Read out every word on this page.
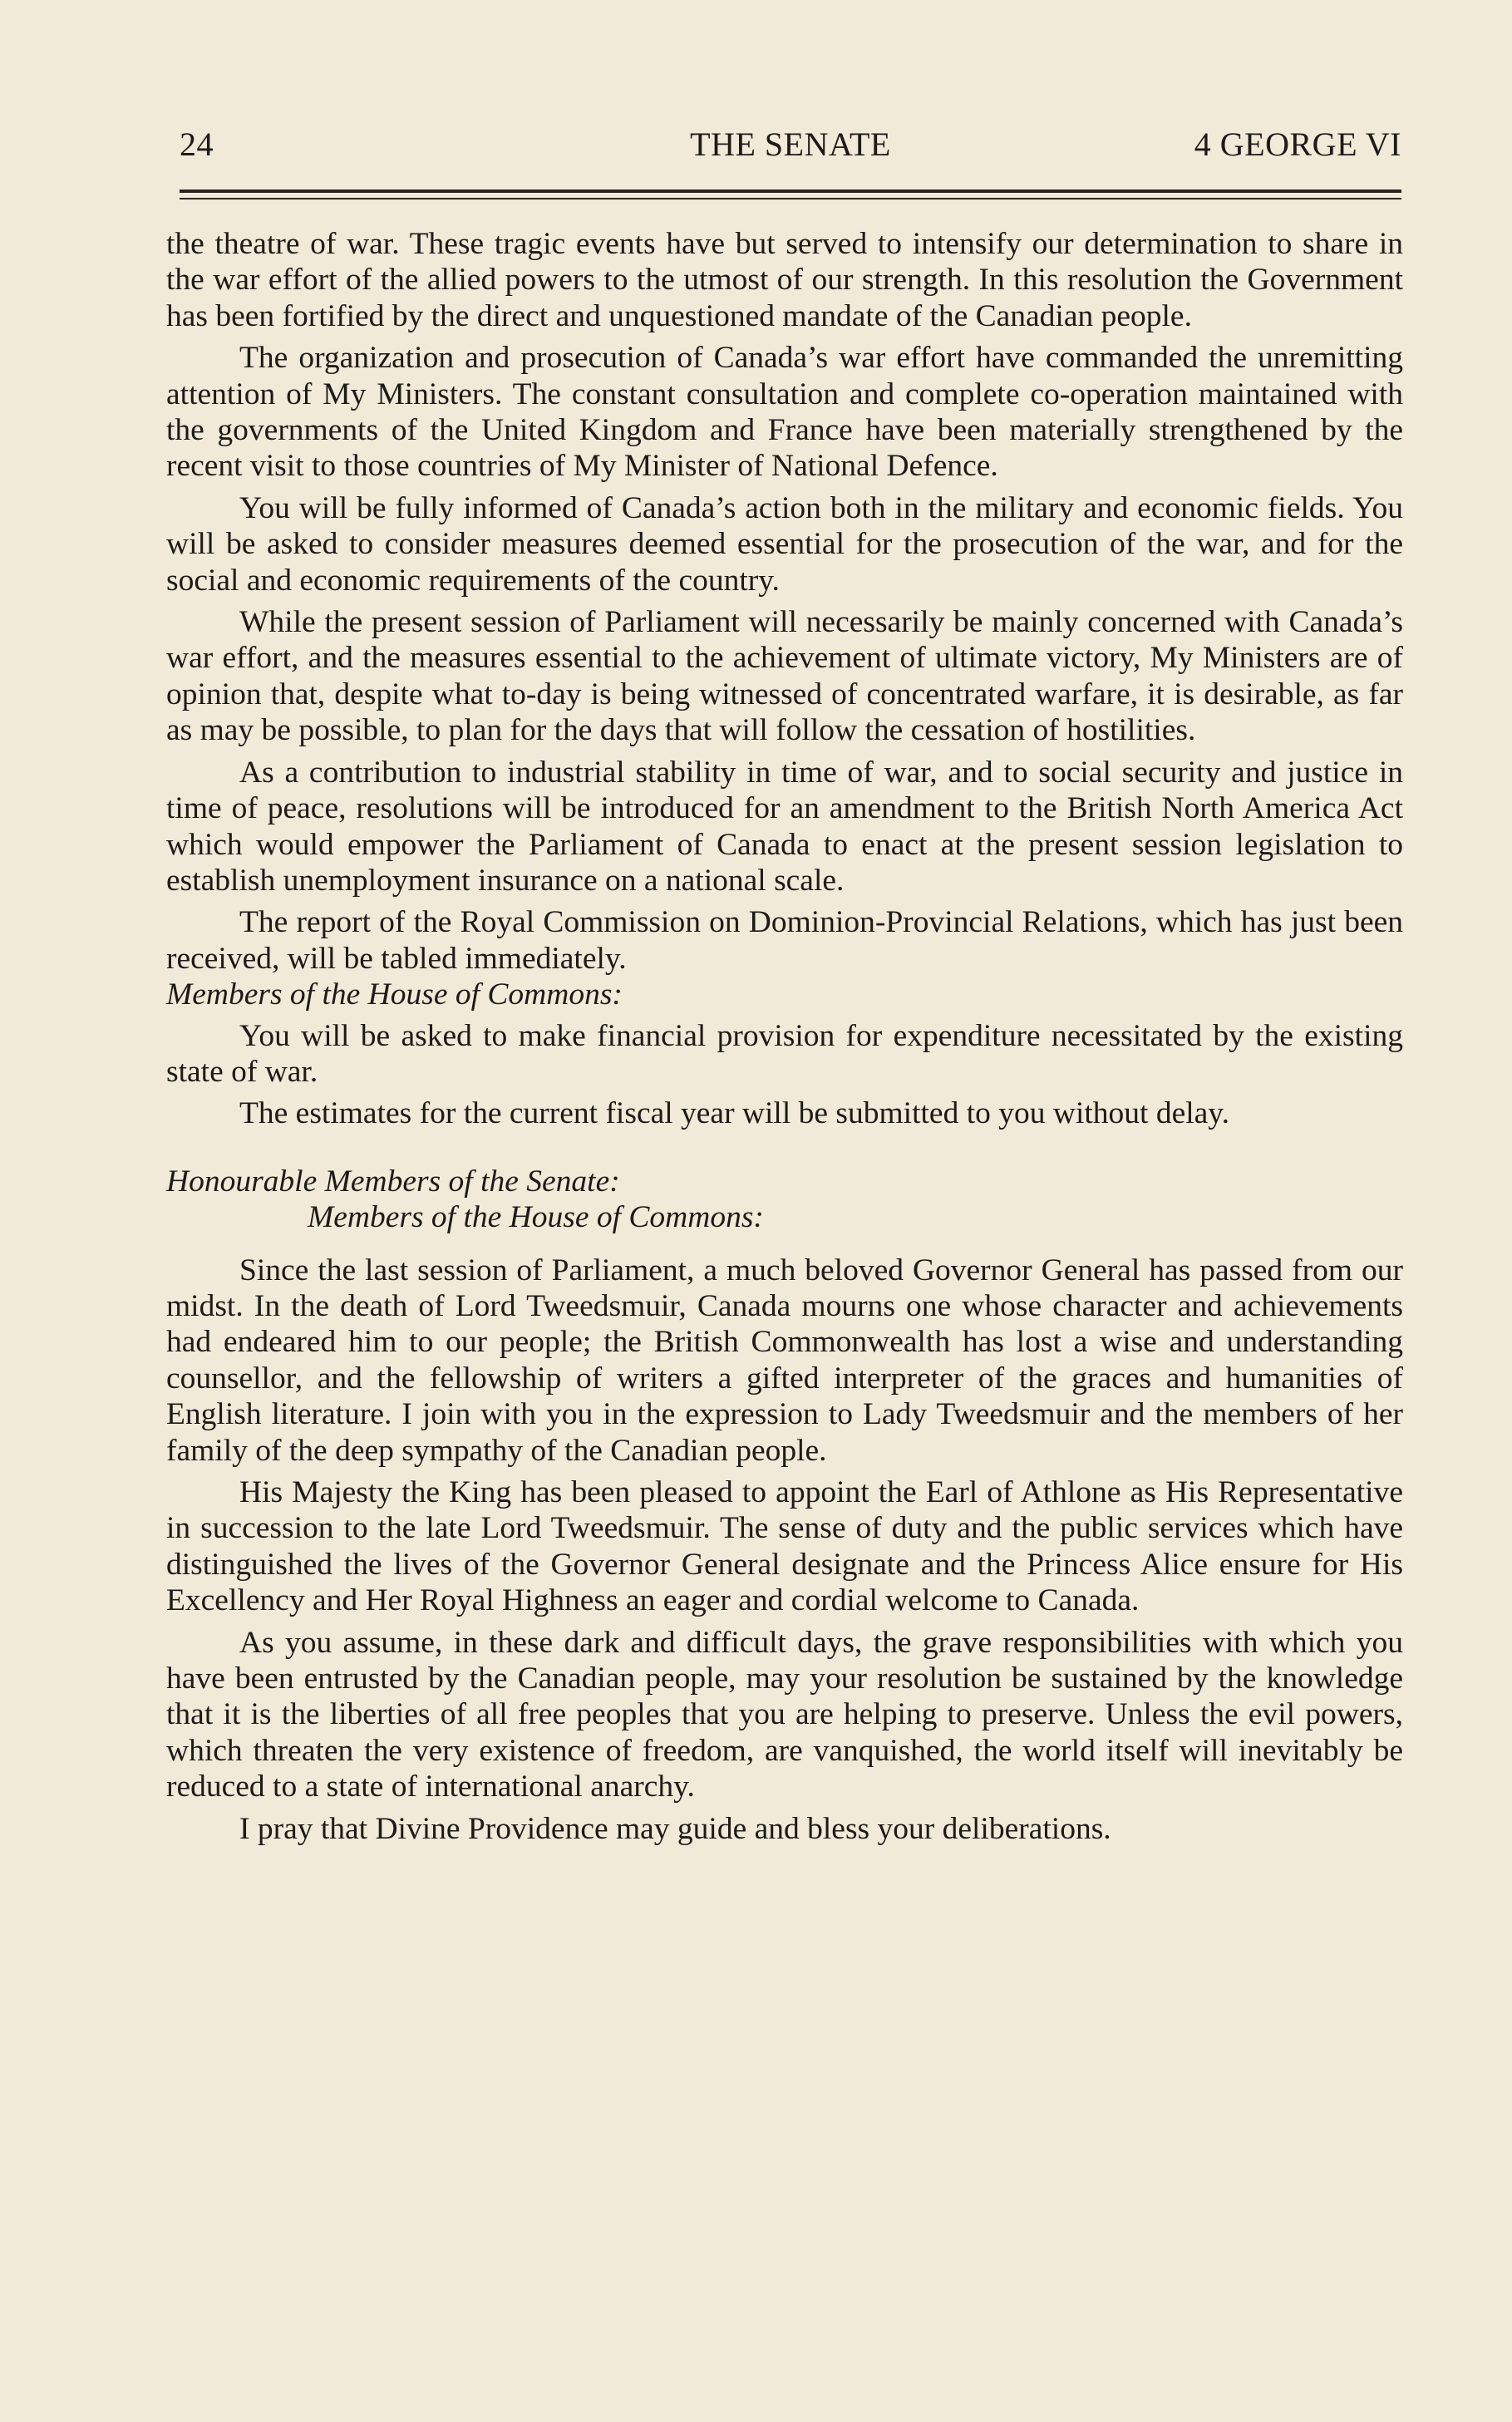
24	THE SENATE	4 GEORGE VI

the theatre of war. These tragic events have but served to intensify our determination to share in the war effort of the allied powers to the utmost of our strength. In this resolution the Government has been fortified by the direct and unquestioned mandate of the Canadian people.

The organization and prosecution of Canada’s war effort have commanded the unremitting attention of My Ministers. The constant consultation and complete co-operation maintained with the governments of the United Kingdom and France have been materially strengthened by the recent visit to those countries of My Minister of National Defence.

You will be fully informed of Canada’s action both in the military and economic fields. You will be asked to consider measures deemed essential for the prosecution of the war, and for the social and economic requirements of the country.

While the present session of Parliament will necessarily be mainly concerned with Canada’s war effort, and the measures essential to the achievement of ultimate victory, My Ministers are of opinion that, despite what to-day is being witnessed of concentrated warfare, it is desirable, as far as may be possible, to plan for the days that will follow the cessation of hostilities.

As a contribution to industrial stability in time of war, and to social security and justice in time of peace, resolutions will be introduced for an amendment to the British North America Act which would empower the Parliament of Canada to enact at the present session legislation to establish unemployment insurance on a national scale.

The report of the Royal Commission on Dominion-Provincial Relations, which has just been received, will be tabled immediately.

Members of the House of Commons:

You will be asked to make financial provision for expenditure necessitated by the existing state of war.

The estimates for the current fiscal year will be submitted to you without delay.

Honourable Members of the Senate:
Members of the House of Commons:

Since the last session of Parliament, a much beloved Governor General has passed from our midst. In the death of Lord Tweedsmuir, Canada mourns one whose character and achievements had endeared him to our people; the British Commonwealth has lost a wise and understanding counsellor, and the fellowship of writers a gifted interpreter of the graces and humanities of English literature. I join with you in the expression to Lady Tweedsmuir and the members of her family of the deep sympathy of the Canadian people.

His Majesty the King has been pleased to appoint the Earl of Athlone as His Representative in succession to the late Lord Tweedsmuir. The sense of duty and the public services which have distinguished the lives of the Governor General designate and the Princess Alice ensure for His Excellency and Her Royal Highness an eager and cordial welcome to Canada.

As you assume, in these dark and difficult days, the grave responsibilities with which you have been entrusted by the Canadian people, may your resolution be sustained by the knowledge that it is the liberties of all free peoples that you are helping to preserve. Unless the evil powers, which threaten the very existence of freedom, are vanquished, the world itself will inevitably be reduced to a state of international anarchy.

I pray that Divine Providence may guide and bless your deliberations.
